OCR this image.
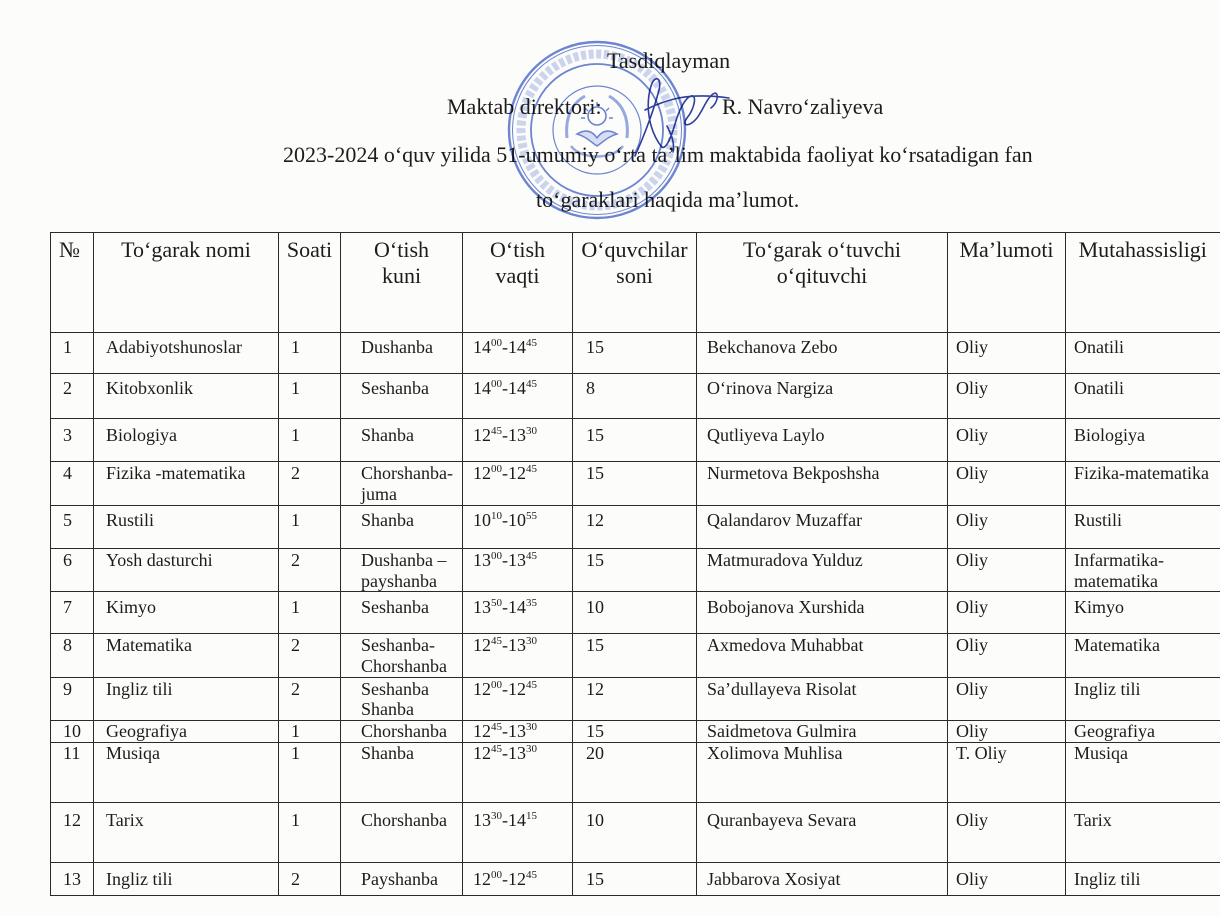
Tasdiqlayman
Maktab direktori:	R. Navro‘zaliyeva
2023-2024 o‘quv yilida 51-umumiy o‘rta ta’lim maktabida faoliyat ko‘rsatadigan fan
to‘garaklari haqida ma’lumot.
№	To‘garak nomi	Soati	O‘tish kuni	O‘tish vaqti	O‘quvchilar soni	To‘garak o‘tuvchi o‘qituvchi	Ma’lumoti	Mutahassisligi
1	Adabiyotshunoslar	1	Dushanba	$14^{00}-14^{45}$	15	Bekchanova Zebo	Oliy	Onatili
2	Kitobxonlik	1	Seshanba	$14^{00}-14^{45}$	8	O‘rinova Nargiza	Oliy	Onatili
3	Biologiya	1	Shanba	$12^{45}-13^{30}$	15	Qutliyeva Laylo	Oliy	Biologiya
4	Fizika -matematika	2	Chorshanba-juma	$12^{00}-12^{45}$	15	Nurmetova Bekposhsha	Oliy	Fizika-matematika
5	Rustili	1	Shanba	$10^{10}-10^{55}$	12	Qalandarov Muzaffar	Oliy	Rustili
6	Yosh dasturchi	2	Dushanba – payshanba	$13^{00}-13^{45}$	15	Matmuradova Yulduz	Oliy	Infarmatika-matematika
7	Kimyo	1	Seshanba	$13^{50}-14^{35}$	10	Bobojanova Xurshida	Oliy	Kimyo
8	Matematika	2	Seshanba-Chorshanba	$12^{45}-13^{30}$	15	Axmedova Muhabbat	Oliy	Matematika
9	Ingliz tili	2	Seshanba Shanba	$12^{00}-12^{45}$	12	Sa’dullayeva Risolat	Oliy	Ingliz tili
10	Geografiya	1	Chorshanba	$12^{45}-13^{30}$	15	Saidmetova Gulmira	Oliy	Geografiya
11	Musiqa	1	Shanba	$12^{45}-13^{30}$	20	Xolimova Muhlisa	T. Oliy	Musiqa
12	Tarix	1	Chorshanba	$13^{30}-14^{15}$	10	Quranbayeva Sevara	Oliy	Tarix
13	Ingliz tili	2	Payshanba	$12^{00}-12^{45}$	15	Jabbarova Xosiyat	Oliy	Ingliz tili
